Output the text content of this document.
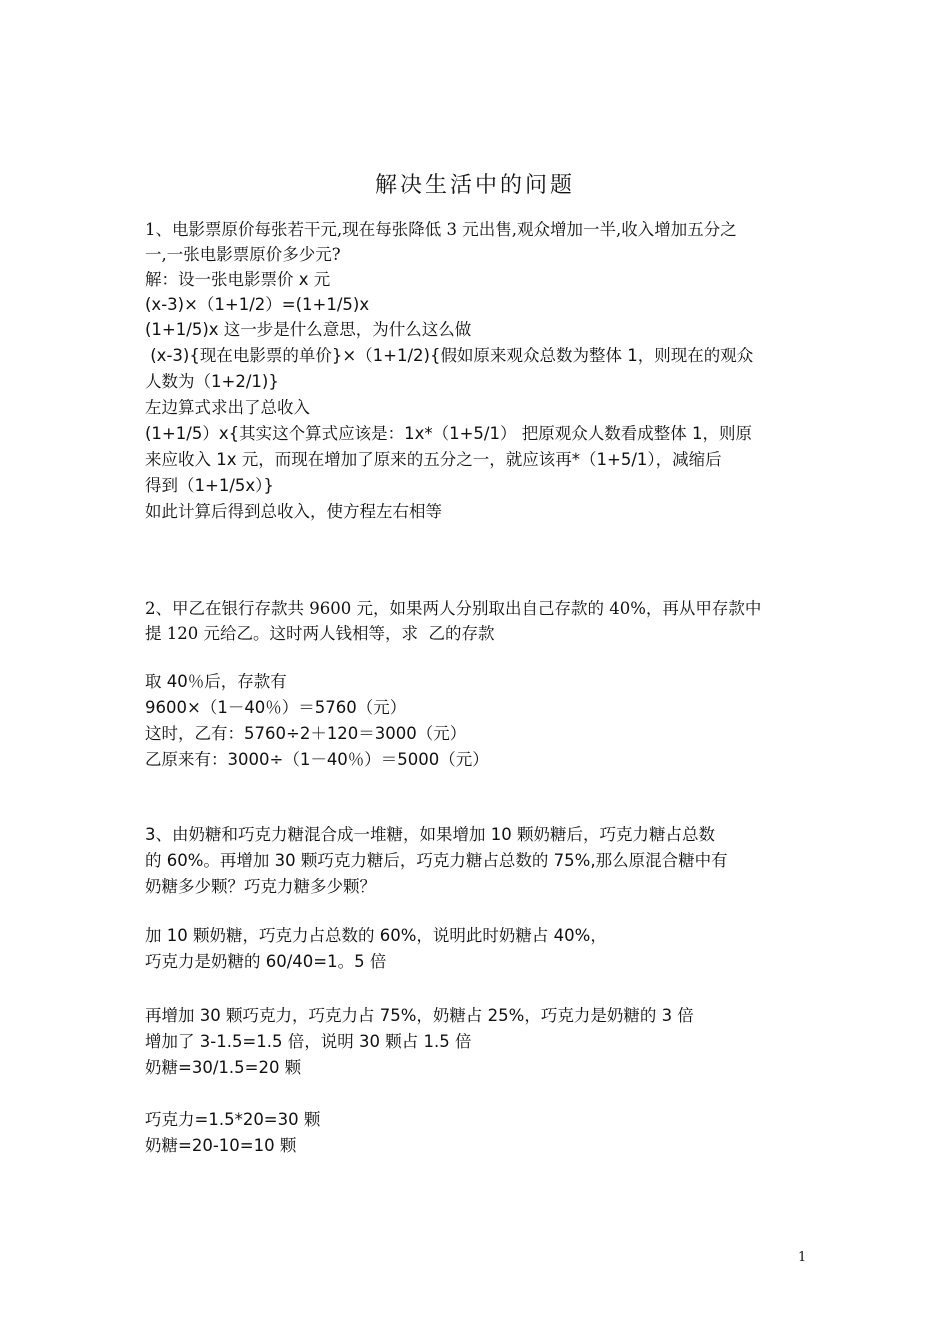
解决生活中的问题
1、电影票原价每张若干元,现在每张降低 3 元出售,观众增加一半,收入增加五分之
一,一张电影票原价多少元?
解：设一张电影票价 x 元
(x-3)×（1+1/2）=(1+1/5)x
(1+1/5)x 这一步是什么意思，为什么这么做
(x-3){现在电影票的单价}×（1+1/2){假如原来观众总数为整体 1，则现在的观众
人数为（1+2/1)}
左边算式求出了总收入
(1+1/5）x{其实这个算式应该是：1x*（1+5/1） 把原观众人数看成整体 1，则原
来应收入 1x 元，而现在增加了原来的五分之一，就应该再*（1+5/1），减缩后
得到（1+1/5x）}
如此计算后得到总收入，使方程左右相等
2、甲乙在银行存款共 9600 元，如果两人分别取出自己存款的 40%，再从甲存款中
提 120 元给乙。这时两人钱相等，求  乙的存款
取 40％后，存款有
9600×（1－40％）＝5760（元）
这时，乙有：5760÷2＋120＝3000（元）
乙原来有：3000÷（1－40％）＝5000（元）
3、由奶糖和巧克力糖混合成一堆糖，如果增加 10 颗奶糖后，巧克力糖占总数
的 60%。再增加 30 颗巧克力糖后，巧克力糖占总数的 75%,那么原混合糖中有
奶糖多少颗？巧克力糖多少颗？
加 10 颗奶糖，巧克力占总数的 60%，说明此时奶糖占 40%，
巧克力是奶糖的 60/40=1。5 倍
再增加 30 颗巧克力，巧克力占 75%，奶糖占 25%，巧克力是奶糖的 3 倍
增加了 3-1.5=1.5 倍，说明 30 颗占 1.5 倍
奶糖=30/1.5=20 颗
巧克力=1.5*20=30 颗
奶糖=20-10=10 颗
1
